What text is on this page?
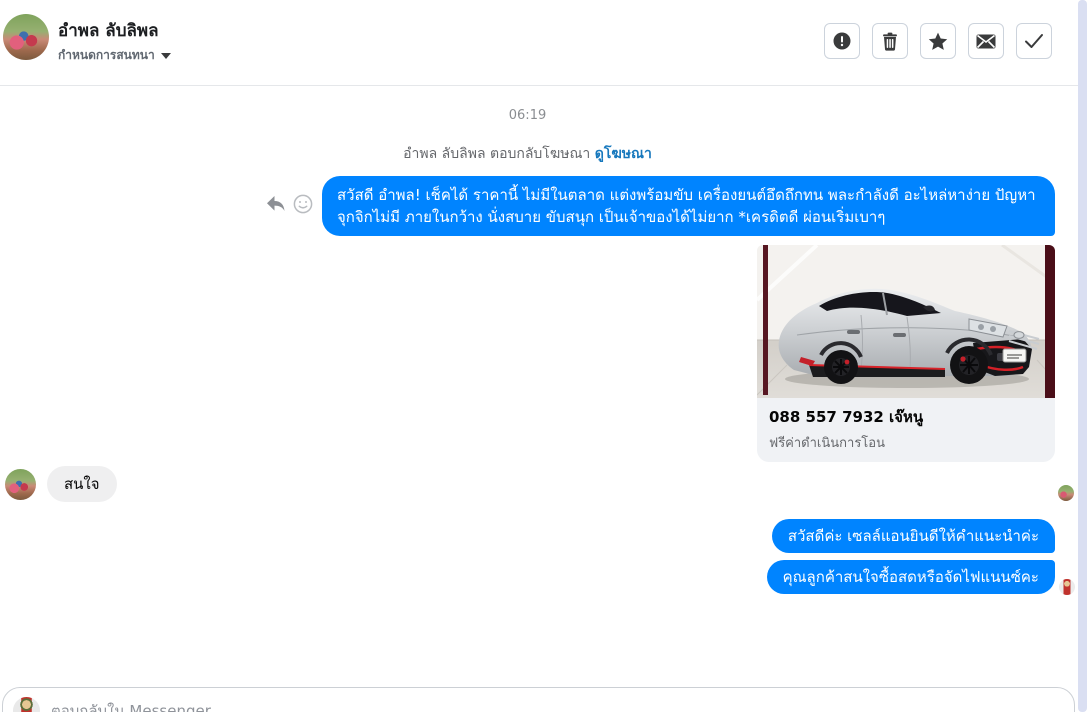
อำพล ลับลิพล
กำหนดการสนทนา
06:19
อำพล ลับลิพล ตอบกลับโฆษณา ดูโฆษณา
สวัสดี อำพล! เช็คได้ ราคานี้ ไม่มีในตลาด แต่งพร้อมขับ เครื่องยนต์อึดถึกทน พละกำลังดี อะไหล่หาง่าย ปัญหาจุกจิกไม่มี ภายในกว้าง นั่งสบาย ขับสนุก เป็นเจ้าของได้ไม่ยาก *เครดิตดี ผ่อนเริ่มเบาๆ
088 557 7932 เจ๊หนู
ฟรีค่าดำเนินการโอน
สนใจ
สวัสดีค่ะ เซลล์แอนยินดีให้คำแนะนำค่ะ
คุณลูกค้าสนใจซื้อสดหรือจัดไฟแนนซ์คะ
ตอบกลับใน Messenger
